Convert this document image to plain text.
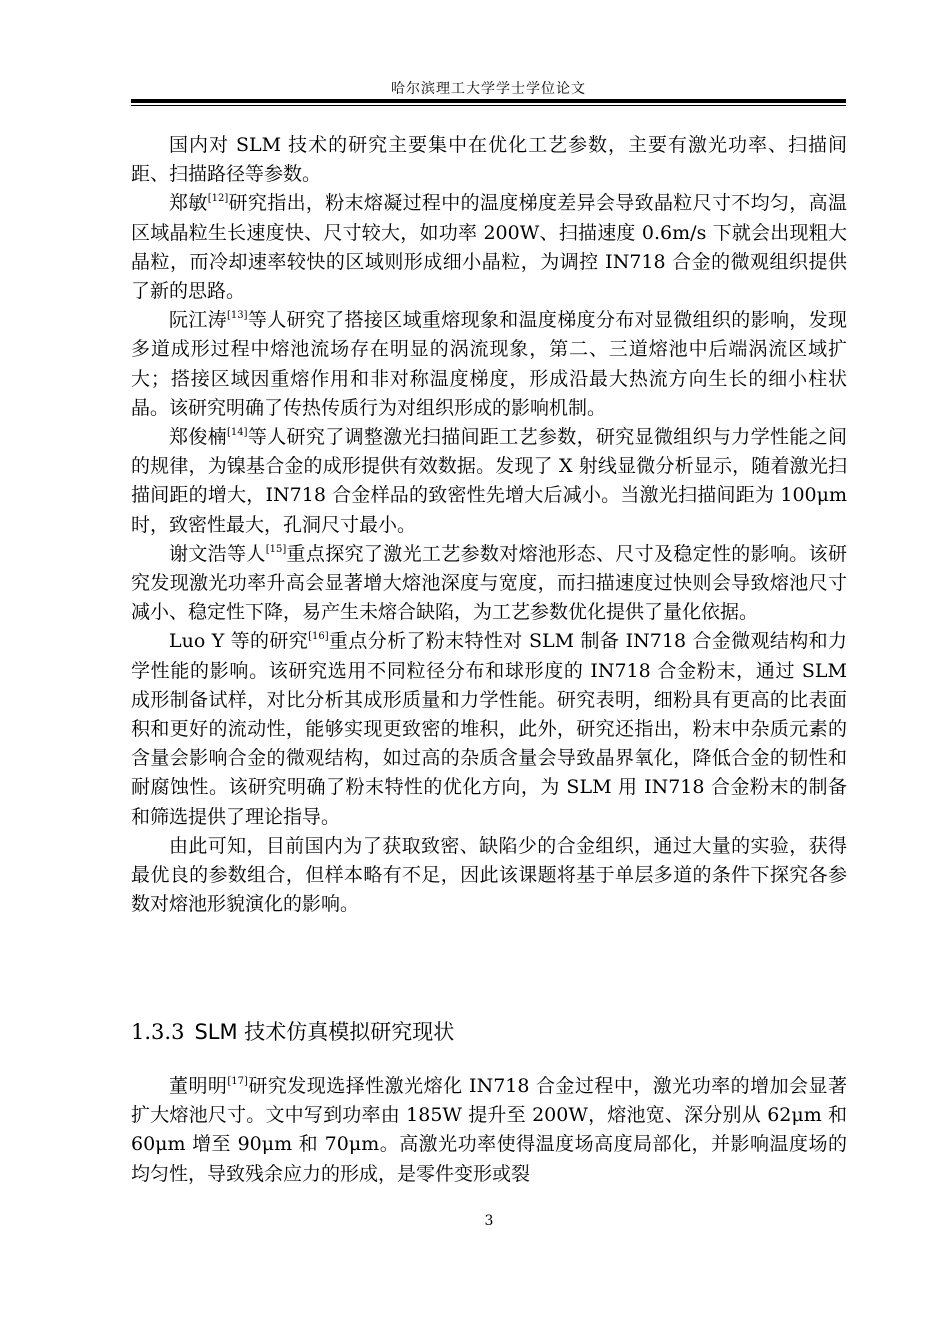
哈尔滨理工大学学士学位论文

国内对 SLM 技术的研究主要集中在优化工艺参数，主要有激光功率、扫描间距、扫描路径等参数。

郑敏[12]研究指出，粉末熔凝过程中的温度梯度差异会导致晶粒尺寸不均匀，高温区域晶粒生长速度快、尺寸较大，如功率 200W、扫描速度 0.6m/s 下就会出现粗大晶粒，而冷却速率较快的区域则形成细小晶粒，为调控 IN718 合金的微观组织提供了新的思路。

阮江涛[13]等人研究了搭接区域重熔现象和温度梯度分布对显微组织的影响，发现多道成形过程中熔池流场存在明显的涡流现象，第二、三道熔池中后端涡流区域扩大；搭接区域因重熔作用和非对称温度梯度，形成沿最大热流方向生长的细小柱状晶。该研究明确了传热传质行为对组织形成的影响机制。

郑俊楠[14]等人研究了调整激光扫描间距工艺参数，研究显微组织与力学性能之间的规律，为镍基合金的成形提供有效数据。发现了 X 射线显微分析显示，随着激光扫描间距的增大，IN718 合金样品的致密性先增大后减小。当激光扫描间距为 100μm 时，致密性最大，孔洞尺寸最小。

谢文浩等人[15]重点探究了激光工艺参数对熔池形态、尺寸及稳定性的影响。该研究发现激光功率升高会显著增大熔池深度与宽度，而扫描速度过快则会导致熔池尺寸减小、稳定性下降，易产生未熔合缺陷，为工艺参数优化提供了量化依据。

Luo Y 等的研究[16]重点分析了粉末特性对 SLM 制备 IN718 合金微观结构和力学性能的影响。该研究选用不同粒径分布和球形度的 IN718 合金粉末，通过 SLM 成形制备试样，对比分析其成形质量和力学性能。研究表明，细粉具有更高的比表面积和更好的流动性，能够实现更致密的堆积，此外，研究还指出，粉末中杂质元素的含量会影响合金的微观结构，如过高的杂质含量会导致晶界氧化，降低合金的韧性和耐腐蚀性。该研究明确了粉末特性的优化方向，为 SLM 用 IN718 合金粉末的制备和筛选提供了理论指导。

由此可知，目前国内为了获取致密、缺陷少的合金组织，通过大量的实验，获得最优良的参数组合，但样本略有不足，因此该课题将基于单层多道的条件下探究各参数对熔池形貌演化的影响。

1.3.3 SLM 技术仿真模拟研究现状

董明明[17]研究发现选择性激光熔化 IN718 合金过程中，激光功率的增加会显著扩大熔池尺寸。文中写到功率由 185W 提升至 200W，熔池宽、深分别从 62μm 和 60μm 增至 90μm 和 70μm。高激光功率使得温度场高度局部化，并影响温度场的均匀性，导致残余应力的形成，是零件变形或裂

3
